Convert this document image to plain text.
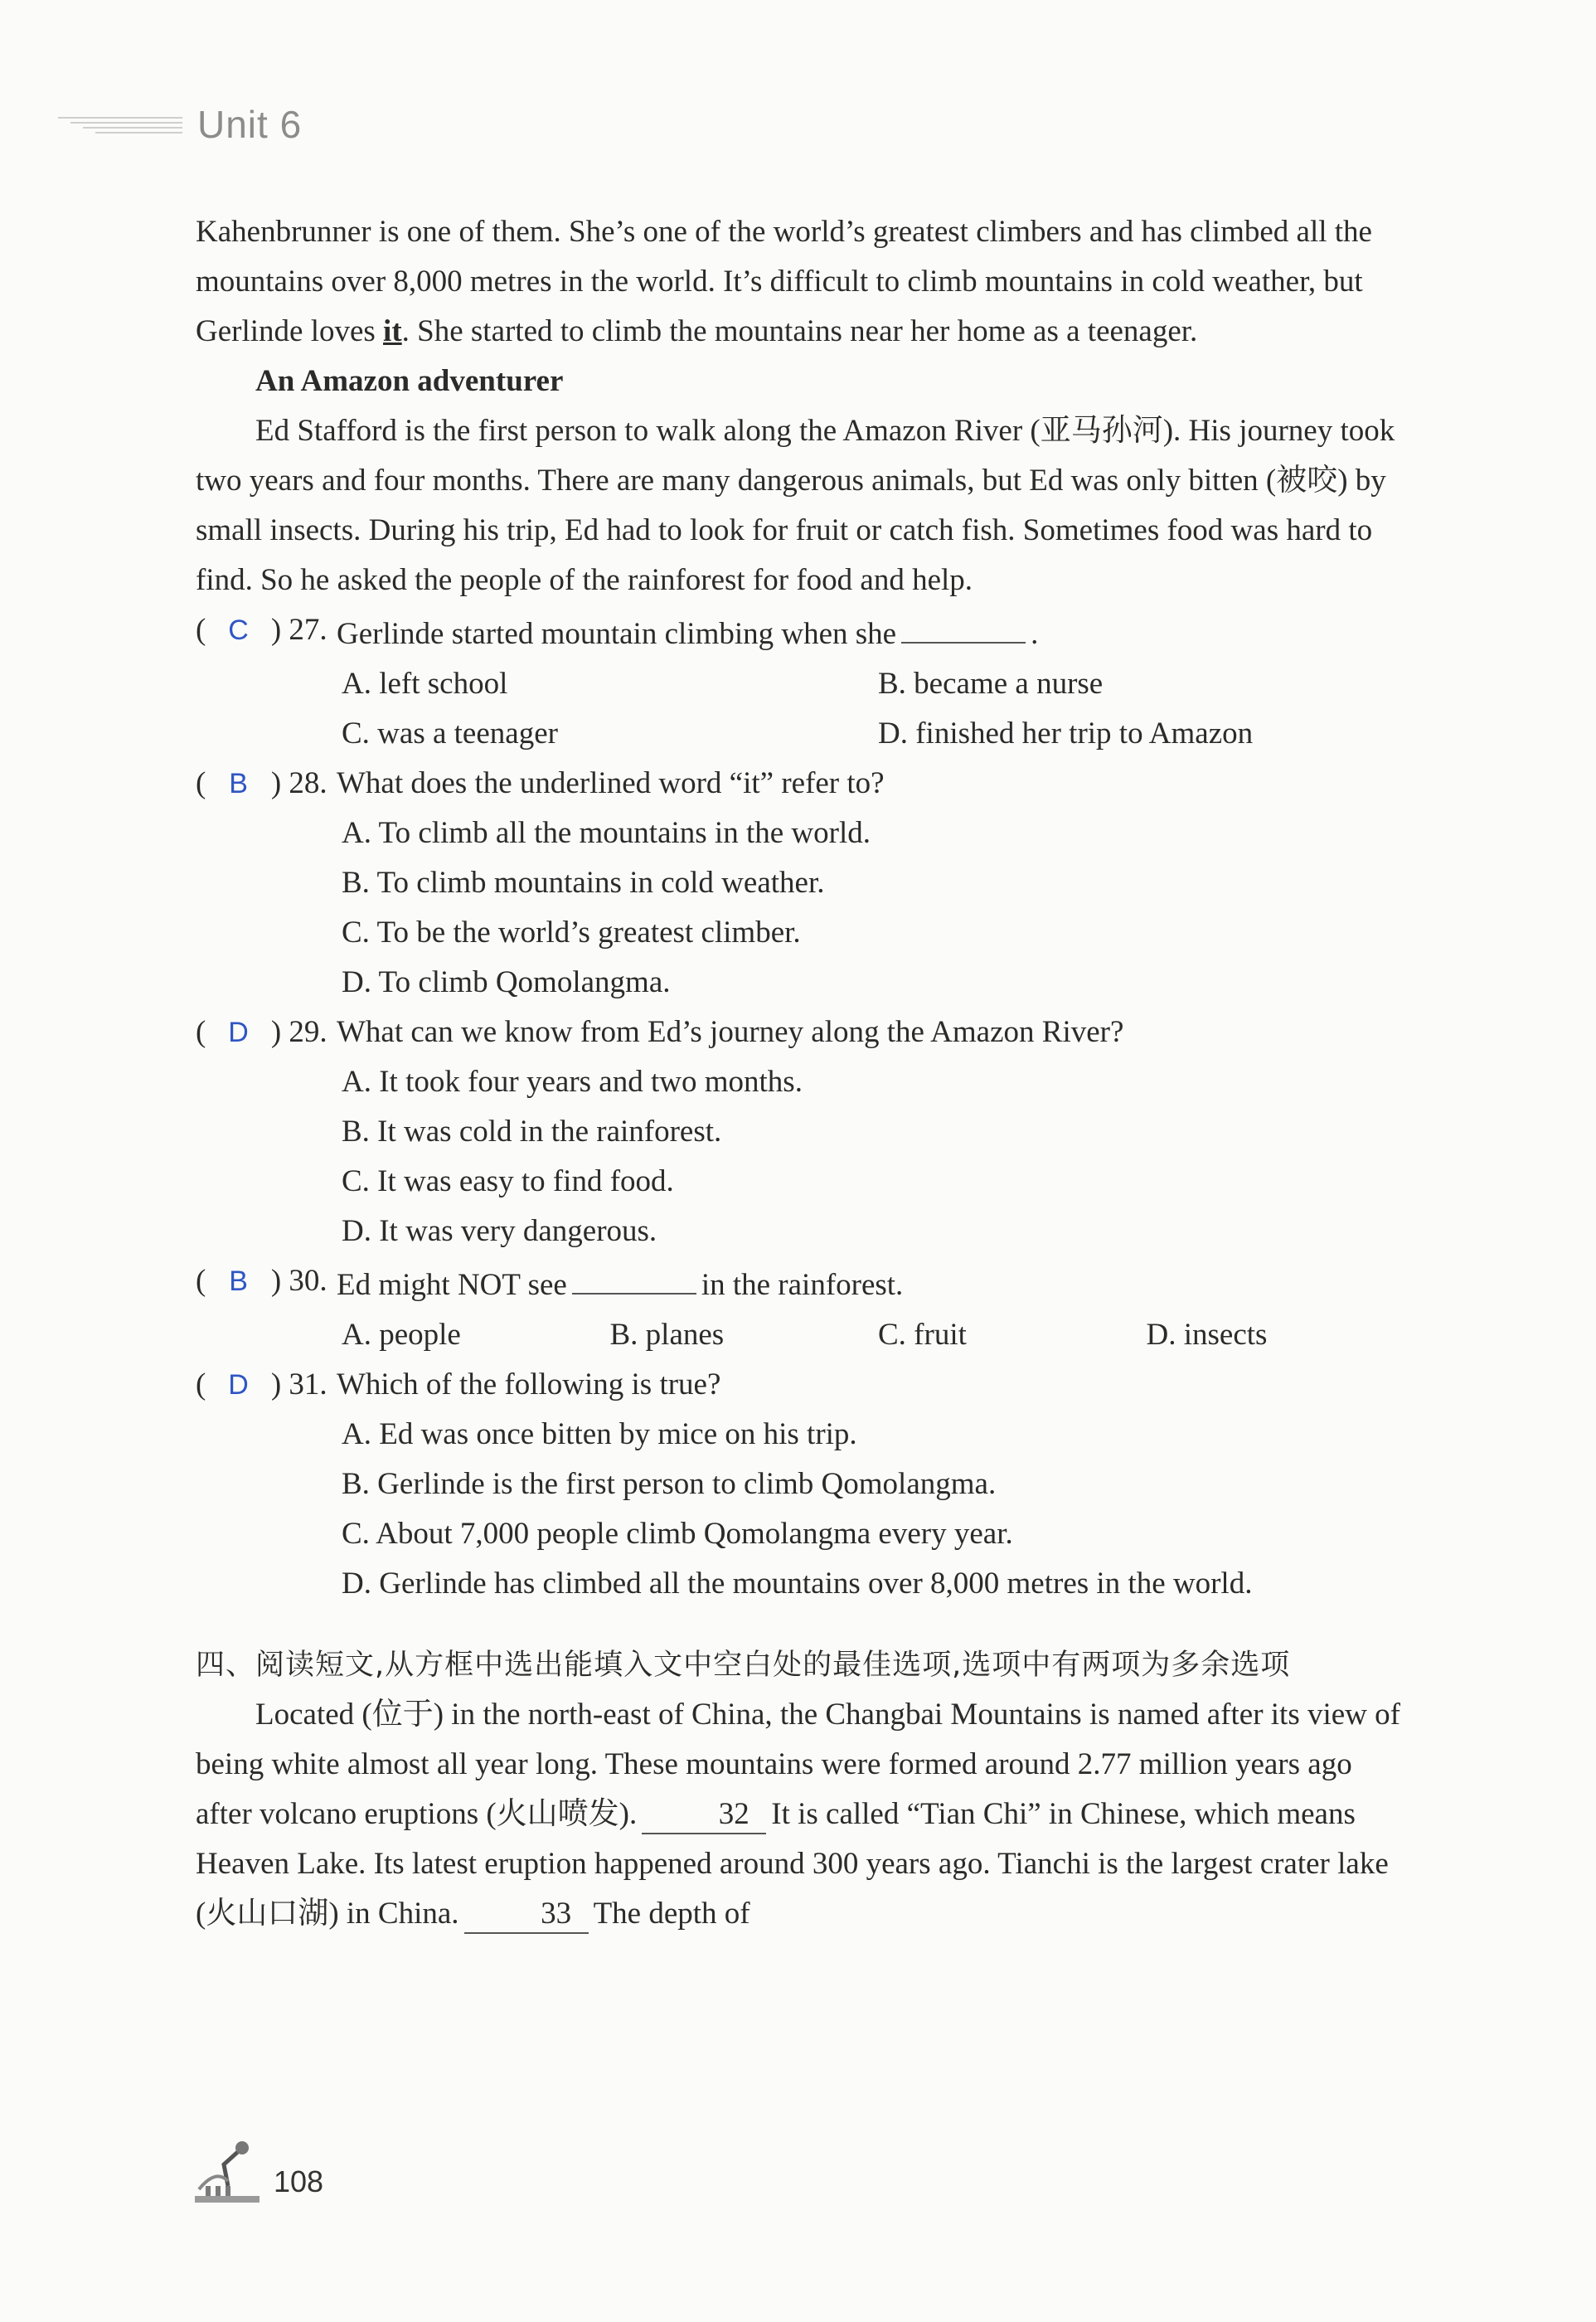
Unit 6

Kahenbrunner is one of them. She’s one of the world’s greatest climbers and has climbed all the mountains over 8,000 metres in the world. It’s difficult to climb mountains in cold weather, but Gerlinde loves it. She started to climb the mountains near her home as a teenager.

An Amazon adventurer

Ed Stafford is the first person to walk along the Amazon River (亚马孙河). His journey took two years and four months. There are many dangerous animals, but Ed was only bitten (被咬) by small insects. During his trip, Ed had to look for fruit or catch fish. Sometimes food was hard to find. So he asked the people of the rainforest for food and help.

( C ) 27. Gerlinde started mountain climbing when she	.
A. left school	B. became a nurse
C. was a teenager	D. finished her trip to Amazon
( B ) 28. What does the underlined word “it” refer to?
A. To climb all the mountains in the world.
B. To climb mountains in cold weather.
C. To be the world’s greatest climber.
D. To climb Qomolangma.
( D ) 29. What can we know from Ed’s journey along the Amazon River?
A. It took four years and two months.
B. It was cold in the rainforest.
C. It was easy to find food.
D. It was very dangerous.
( B ) 30. Ed might NOT see	in the rainforest.
A. people	B. planes	C. fruit	D. insects
( D ) 31. Which of the following is true?
A. Ed was once bitten by mice on his trip.
B. Gerlinde is the first person to climb Qomolangma.
C. About 7,000 people climb Qomolangma every year.
D. Gerlinde has climbed all the mountains over 8,000 metres in the world.

四、阅读短文,从方框中选出能填入文中空白处的最佳选项,选项中有两项为多余选项

Located (位于) in the north-east of China, the Changbai Mountains is named after its view of being white almost all year long. These mountains were formed around 2.77 million years ago after volcano eruptions (火山喷发).	32 It is called “Tian Chi” in Chinese, which means Heaven Lake. Its latest eruption happened around 300 years ago. Tianchi is the largest crater lake (火山口湖) in China.	33 The depth of

108
